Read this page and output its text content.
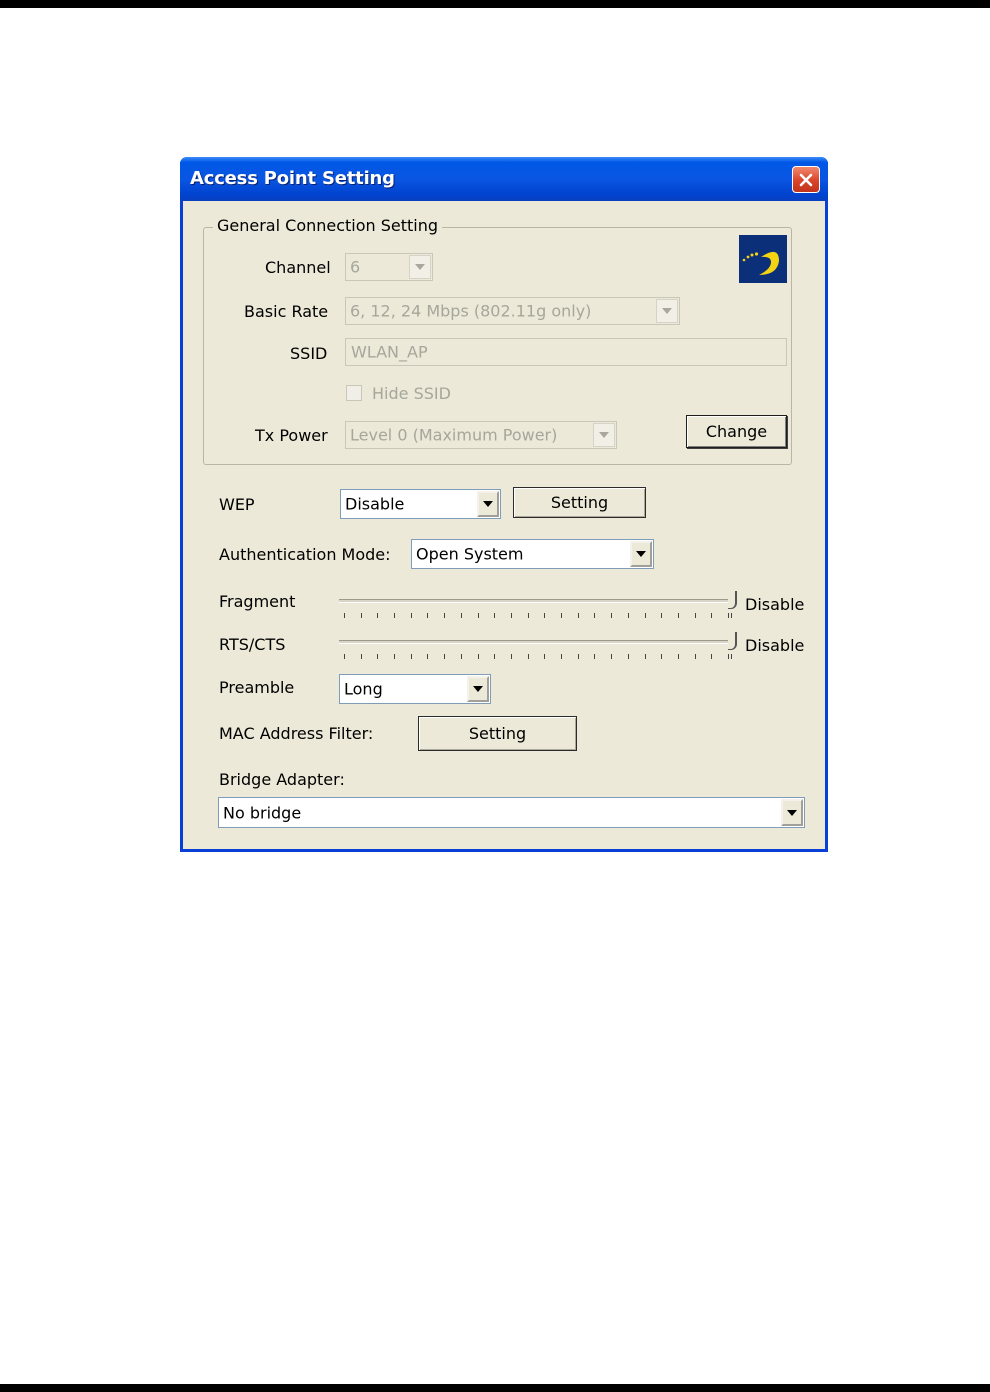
Access Point Setting
General Connection Setting
Channel 6
Basic Rate 6, 12, 24 Mbps (802.11g only)
SSID WLAN_AP
Hide SSID
Tx Power Level 0 (Maximum Power)	Change
WEP	Disable	Setting
Authentication Mode: Open System
Fragment	Disable
RTS/CTS	Disable
Preamble	Long
MAC Address Filter:	Setting
Bridge Adapter:
No bridge
